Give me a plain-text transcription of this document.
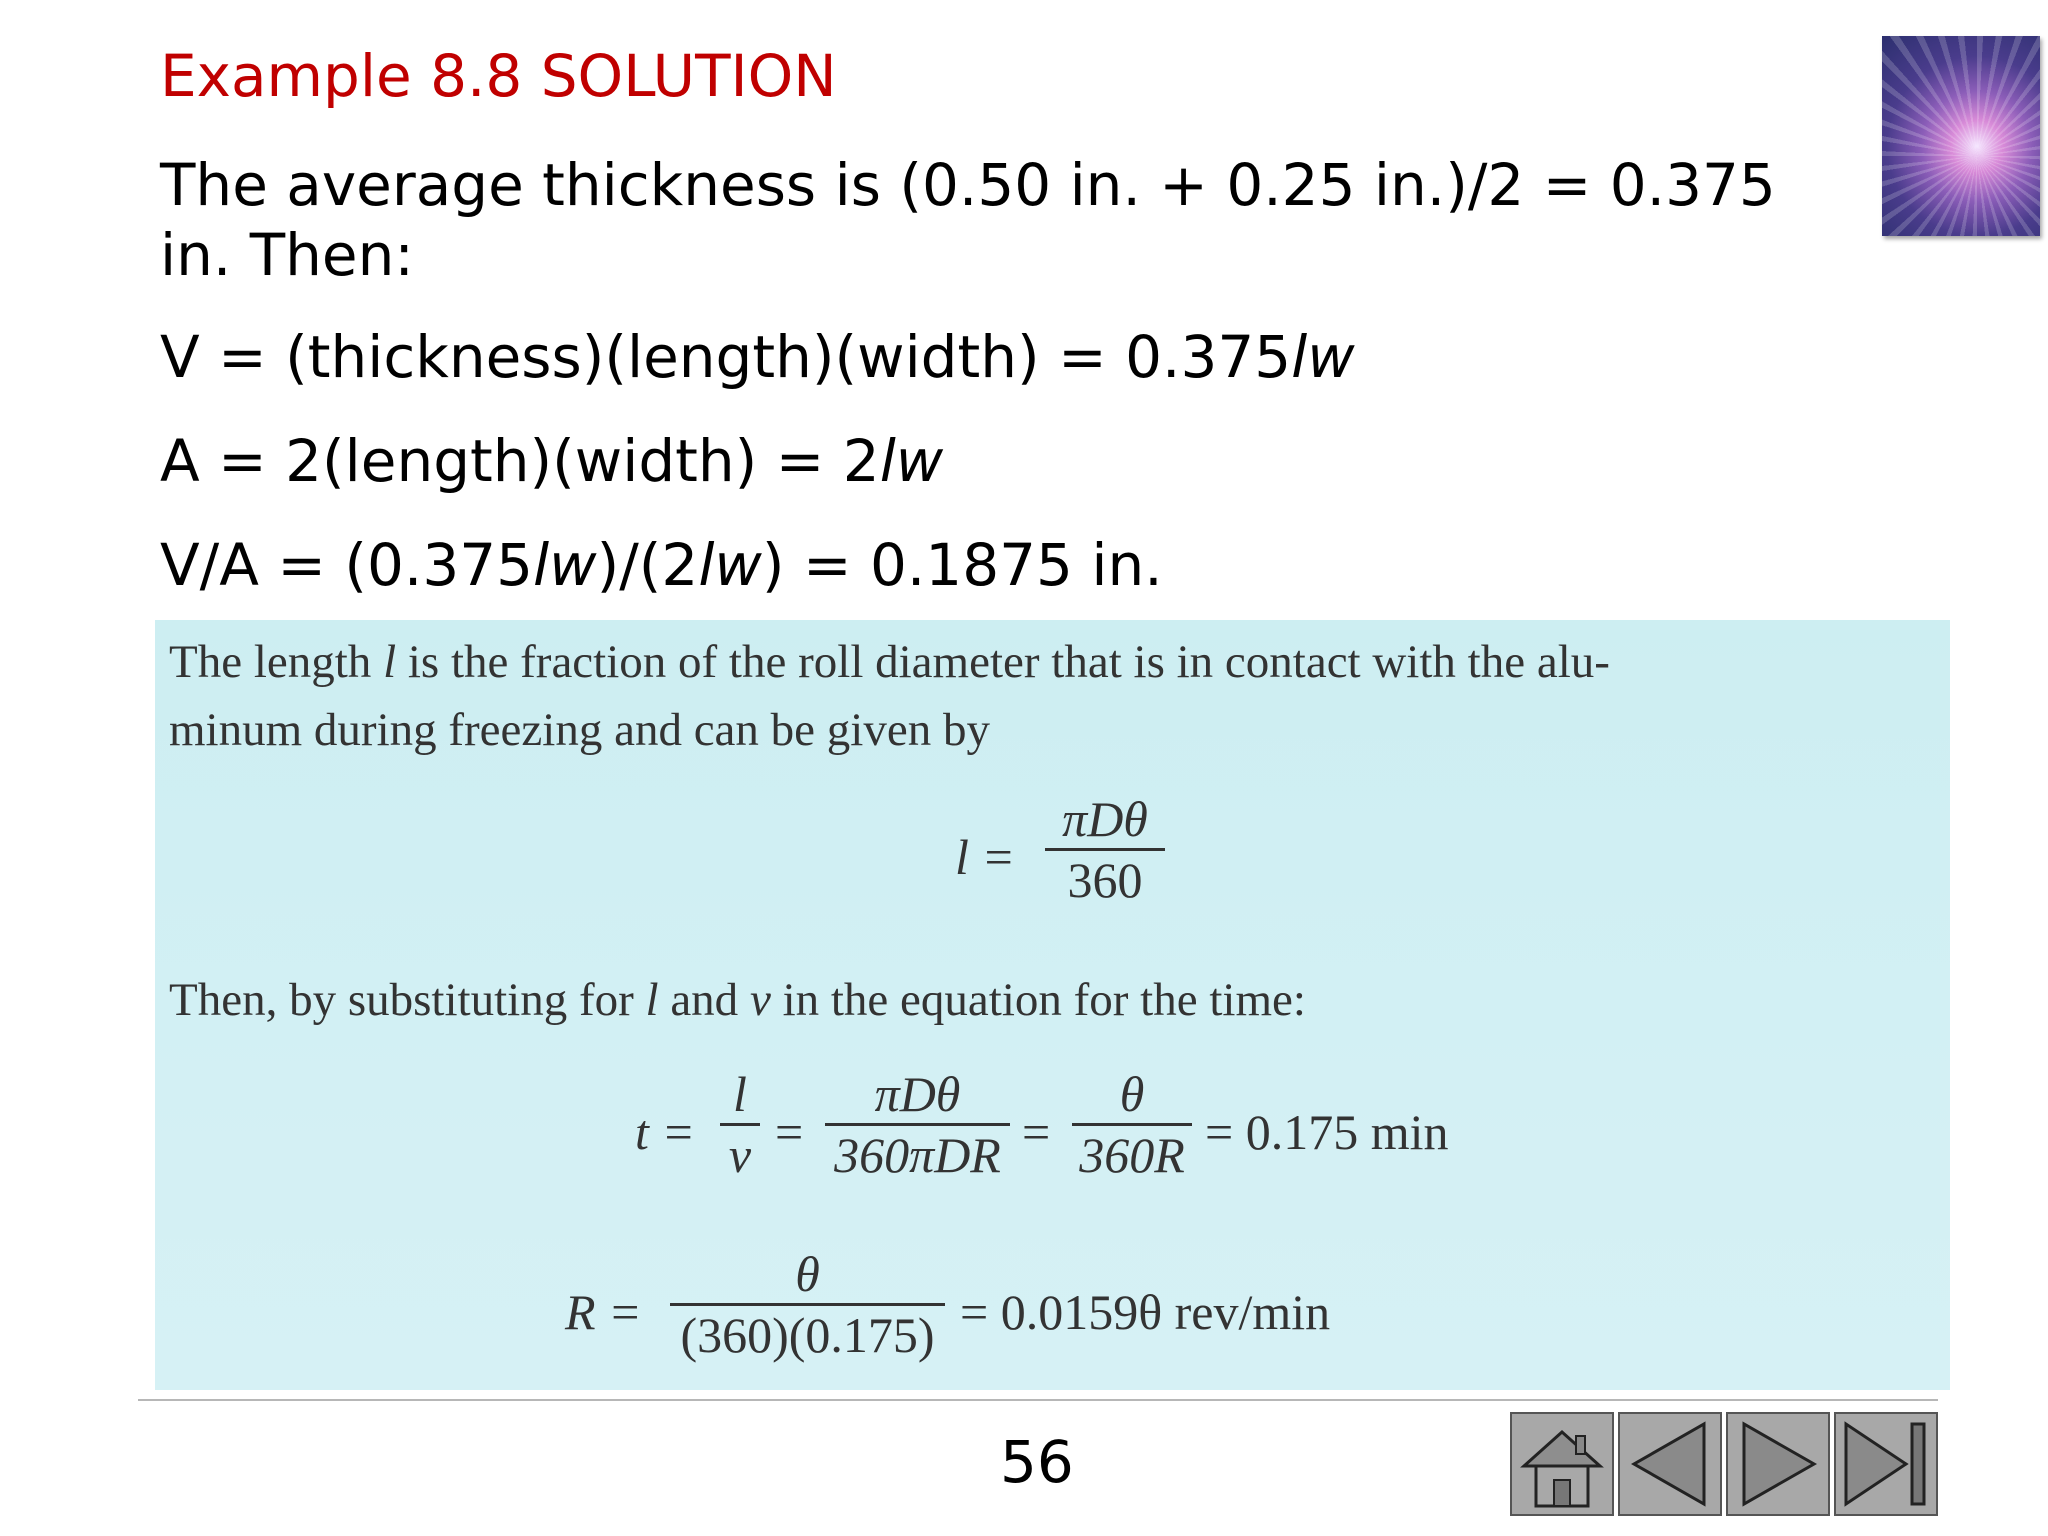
Example 8.8 SOLUTION
The average thickness is (0.50 in. + 0.25 in.)/2 = 0.375
in. Then:
V = (thickness)(length)(width) = 0.375lw
A = 2(length)(width) = 2lw
V/A = (0.375lw)/(2lw) = 0.1875 in.
The length l is the fraction of the roll diameter that is in contact with the alu-
minum during freezing and can be given by
l =
πDθ
360
Then, by substituting for l and v in the equation for the time:
t =
l
v =
πDθ
360πDR =
θ
360R = 0.175 min
R =
θ
(360)(0.175) = 0.0159θ rev/min
56
